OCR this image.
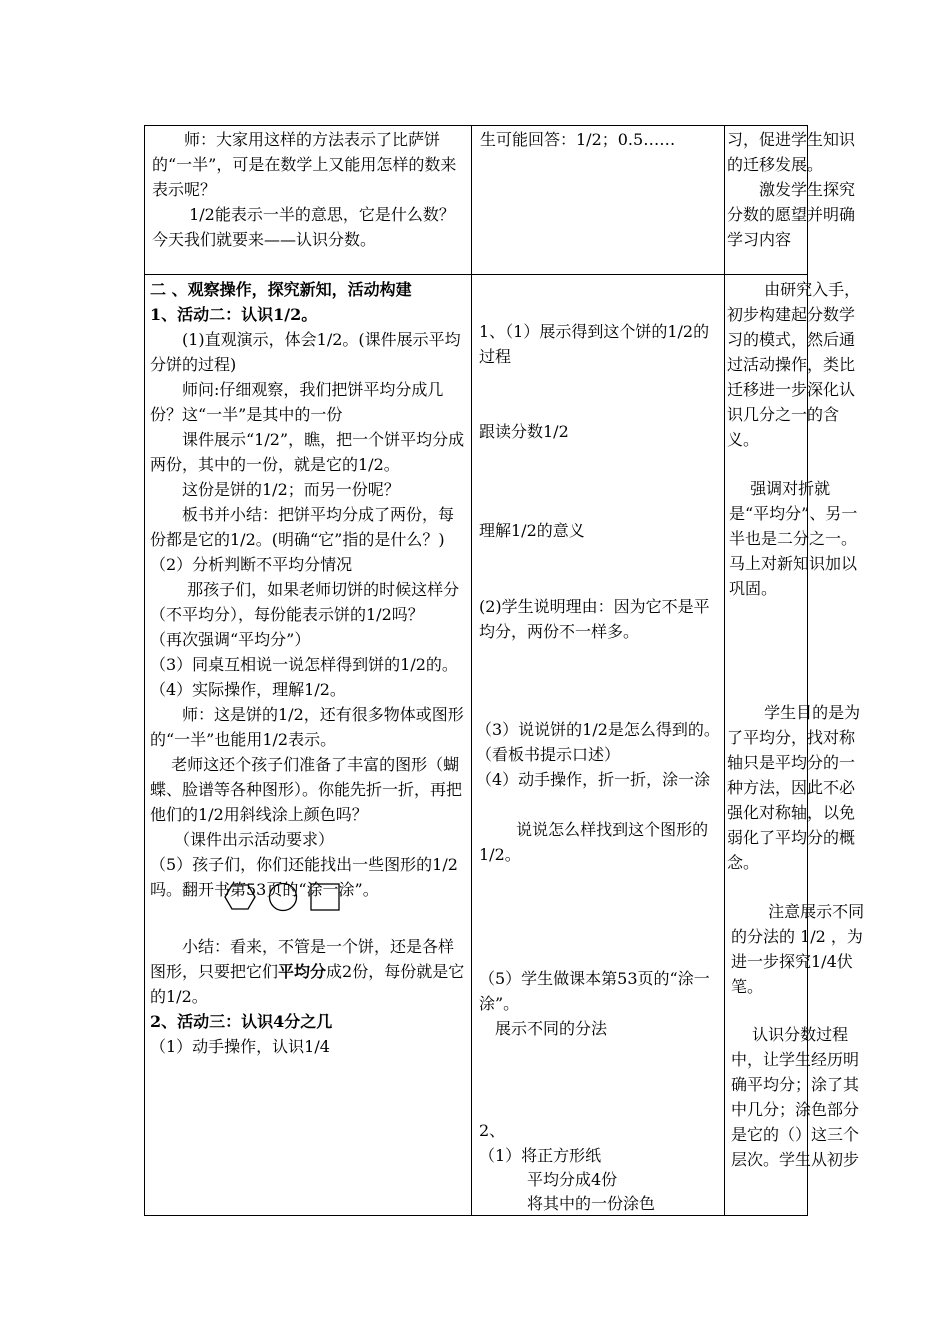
　　师：大家用这样的方法表示了比萨饼的“一半”，可是在数学上又能用怎样的数来表示呢？

　　 1/2能表示一半的意思，它是什么数？今天我们就要来——认识分数。

生可能回答：1/2；0.5……	习，促进学生知识的迁移发展。

　　激发学生探究分数的愿望并明确学习内容

二 、观察操作，探究新知，活动构建

1、活动二：认识1/2。

　　(1)直观演示，体会1/2。(课件展示平均分饼的过程)

　　师问:仔细观察，我们把饼平均分成几份？这“一半”是其中的一份

　　课件展示“1/2”，瞧，把一个饼平均分成两份，其中的一份，就是它的1/2。

　　这份是饼的1/2；而另一份呢？

　　板书并小结：把饼平均分成了两份，每份都是它的1/2。(明确“它”指的是什么？)

（2）分析判断不平均分情况

　　 那孩子们，如果老师切饼的时候这样分（不平均分），每份能表示饼的1/2吗？

（再次强调“平均分”）

（3）同桌互相说一说怎样得到饼的1/2的。

（4）实际操作，理解1/2。

　　师：这是饼的1/2，还有很多物体或图形的“一半”也能用1/2表示。

　 老师这还个孩子们准备了丰富的图形（蝴蝶、脸谱等各种图形）。你能先折一折，再把他们的1/2用斜线涂上颜色吗？

　　（课件出示活动要求）

（5）孩子们，你们还能找出一些图形的1/2吗。翻开书第53页的“涂一涂”。

　　小结：看来，不管是一个饼，还是各样图形，只要把它们平均分成2份，每份就是它的1/2。

2、活动三：认识4分之几

（1）动手操作，认识1/4

1、（1）展示得到这个饼的1/2的过程
跟读分数1/2
理解1/2的意义
(2)学生说明理由：因为它不是平均分，两份不一样多。
（3）说说饼的1/2是怎么得到的。（看板书提示口述）
（4）动手操作，折一折，涂一涂
　　 说说怎么样找到这个图形的1/2。
（5）学生做课本第53页的“涂一涂”。
　展示不同的分法
2、
（1）将正方形纸
　　　平均分成4份
　　　将其中的一份涂色
　　 由研究入手，初步构建起分数学习的模式，然后通过活动操作，类比迁移进一步深化认识几分之一的含义。
　 强调对折就是“平均分”、另一半也是二分之一。马上对新知识加以巩固。
　　 学生目的是为了平均分，找对称轴只是平均分的一种方法，因此不必强化对称轴，以免弱化了平均分的概念。
　　 注意展示不同的分法的 1/2 ，为进一步探究1/4伏笔。
　 认识分数过程中，让学生经历明确平均分；涂了其中几分；涂色部分是它的（）这三个层次。学生从初步
